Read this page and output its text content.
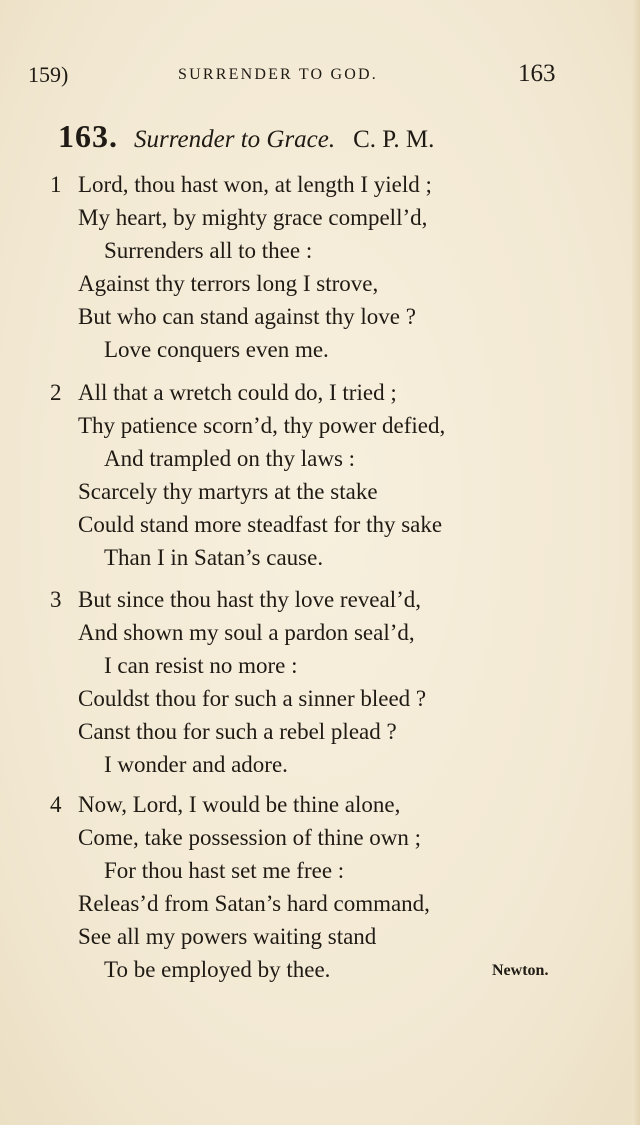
159)	SURRENDER TO GOD.	163
163. Surrender to Grace. C. P. M.
1 Lord, thou hast won, at length I yield ;
My heart, by mighty grace compell’d,
Surrenders all to thee :
Against thy terrors long I strove,
But who can stand against thy love ?
Love conquers even me.
2 All that a wretch could do, I tried ;
Thy patience scorn’d, thy power defied,
And trampled on thy laws :
Scarcely thy martyrs at the stake
Could stand more steadfast for thy sake
Than I in Satan’s cause.
3 But since thou hast thy love reveal’d,
And shown my soul a pardon seal’d,
I can resist no more :
Couldst thou for such a sinner bleed ?
Canst thou for such a rebel plead ?
I wonder and adore.
4 Now, Lord, I would be thine alone,
Come, take possession of thine own ;
For thou hast set me free :
Releas’d from Satan’s hard command,
See all my powers waiting stand
To be employed by thee.	Newton.
